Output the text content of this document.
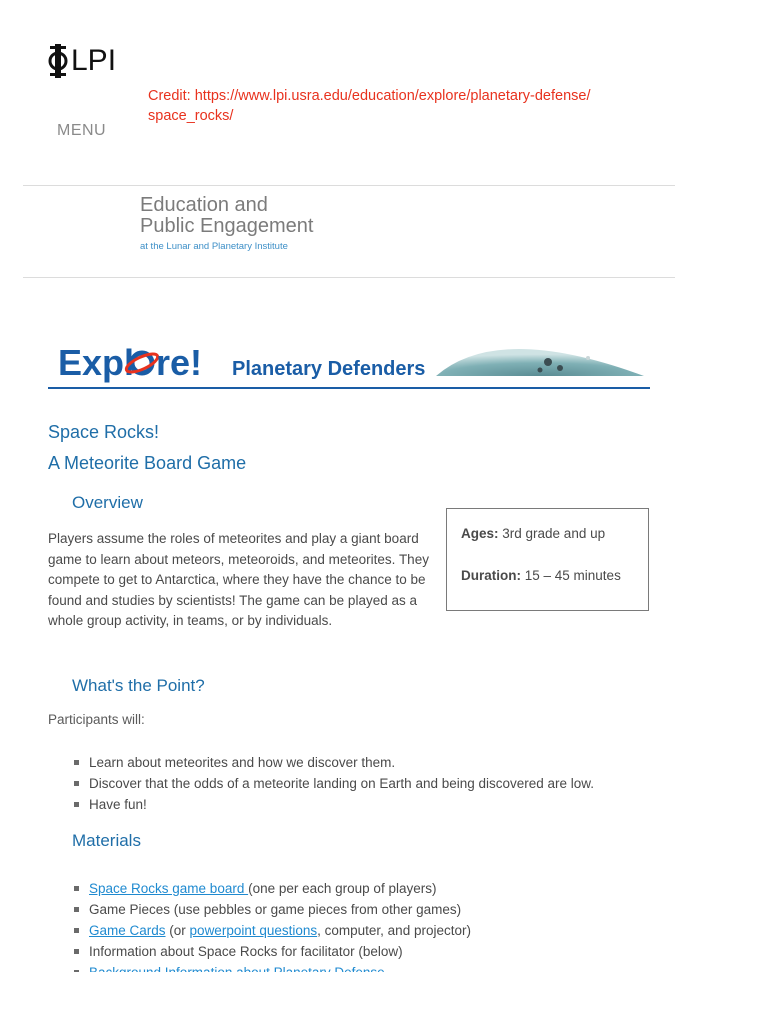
LPI
Credit: https://www.lpi.usra.edu/education/explore/planetary-defense/
space_rocks/
MENU
Education and
Public Engagement
at the Lunar and Planetary Institute
Expl re! Planetary Defenders
Space Rocks!
A Meteorite Board Game
Overview
Players assume the roles of meteorites and play a giant board game to learn about meteors, meteoroids, and meteorites. They compete to get to Antarctica, where they have the chance to be found and studies by scientists! The game can be played as a whole group activity, in teams, or by individuals.
Ages: 3rd grade and up
Duration: 15 – 45 minutes
What's the Point?
Participants will:
Learn about meteorites and how we discover them.
Discover that the odds of a meteorite landing on Earth and being discovered are low.
Have fun!
Materials
Space Rocks game board (one per each group of players)
Game Pieces (use pebbles or game pieces from other games)
Game Cards (or powerpoint questions, computer, and projector)
Information about Space Rocks for facilitator (below)
